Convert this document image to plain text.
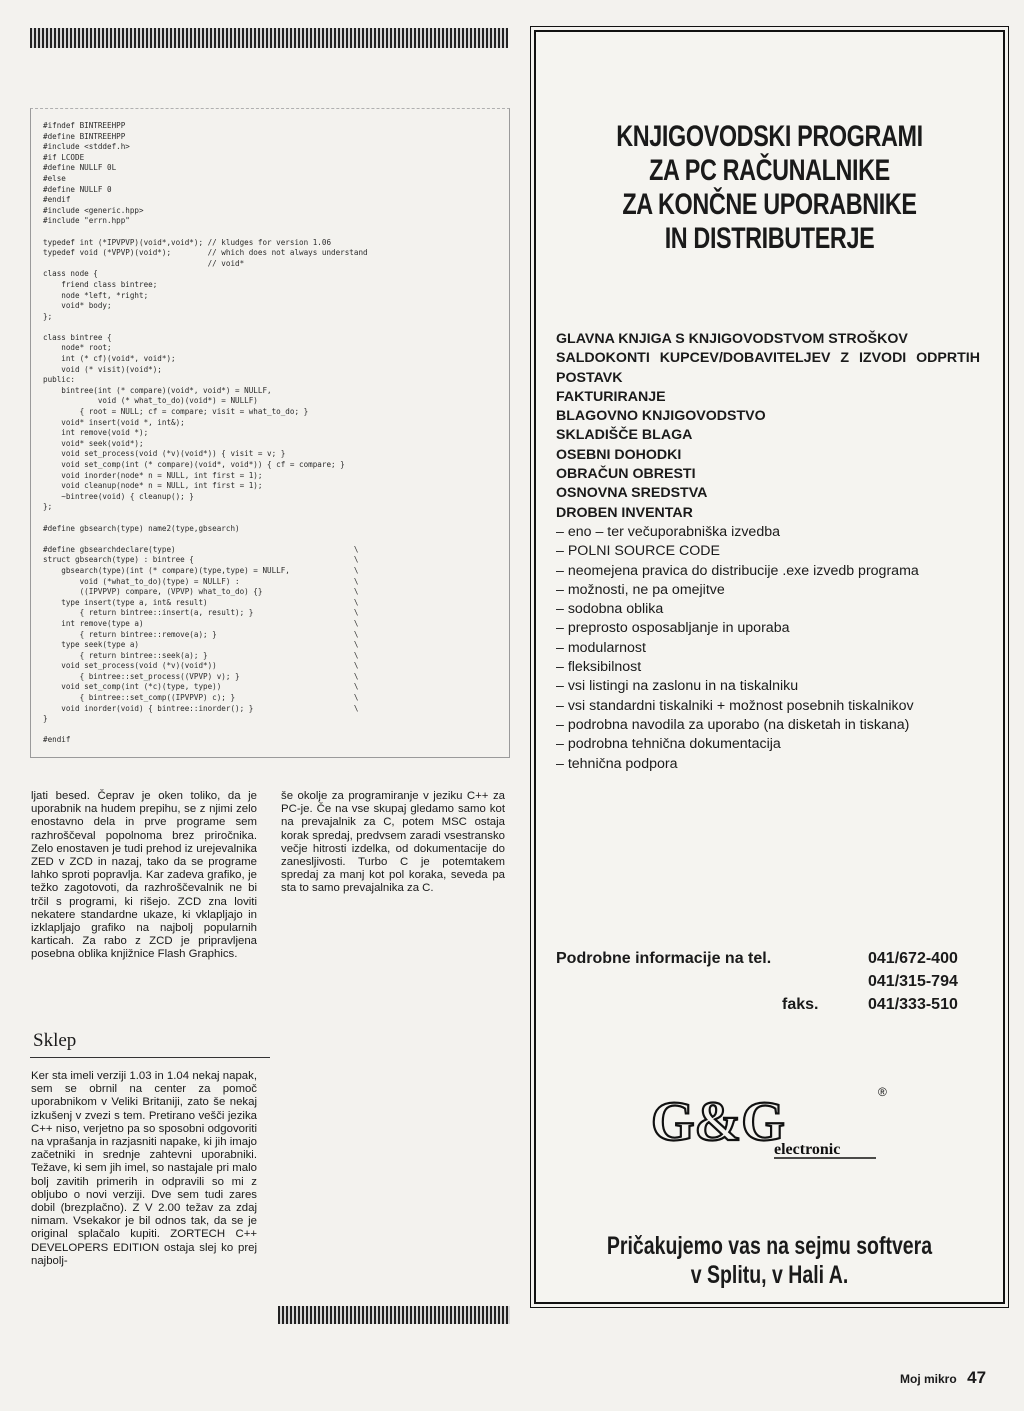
#ifndef BINTREEHPP
#define BINTREEHPP
#include <stddef.h>
#if LCODE
#define NULLF 0L
#else
#define NULLF 0
#endif
#include <generic.hpp>
#include "errn.hpp"

typedef int (*IPVPVP)(void*,void*); // kludges for version 1.06
typedef void (*VPVP)(void*);        // which does not always understand
// void*
class node {
friend class bintree;
node *left, *right;
void* body;
};

class bintree {
node* root;
int (* cf)(void*, void*);
void (* visit)(void*);
public:
bintree(int (* compare)(void*, void*) = NULLF,
void (* what_to_do)(void*) = NULLF)
{ root = NULL; cf = compare; visit = what_to_do; }
void* insert(void *, int&);
int remove(void *);
void* seek(void*);
void set_process(void (*v)(void*)) { visit = v; }
void set_comp(int (* compare)(void*, void*)) { cf = compare; }
void inorder(node* n = NULL, int first = 1);
void cleanup(node* n = NULL, int first = 1);
~bintree(void) { cleanup(); }
};

#define gbsearch(type) name2(type,gbsearch)

#define gbsearchdeclare(type)                                       \
struct gbsearch(type) : bintree {                                   \
gbsearch(type)(int (* compare)(type,type) = NULLF,              \
void (*what_to_do)(type) = NULLF) :                         \
((IPVPVP) compare, (VPVP) what_to_do) {}                    \
type insert(type a, int& result)                                \
{ return bintree::insert(a, result); }                      \
int remove(type a)                                              \
{ return bintree::remove(a); }                              \
type seek(type a)                                               \
{ return bintree::seek(a); }                                \
void set_process(void (*v)(void*))                              \
{ bintree::set_process((VPVP) v); }                         \
void set_comp(int (*c)(type, type))                             \
{ bintree::set_comp((IPVPVP) c); }                          \
void inorder(void) { bintree::inorder(); }                      \
}

#endif
ljati besed. Čeprav je oken toliko, da je uporabnik na hudem prepihu, se z njimi zelo enostavno dela in prve programe sem razhroščeval popolnoma brez priročnika. Zelo enostaven je tudi prehod iz urejevalnika ZED v ZCD in nazaj, tako da se programe lahko sproti popravlja. Kar zadeva grafiko, je težko zagotovoti, da razhroščevalnik ne bi trčil s programi, ki rišejo. ZCD zna loviti nekatere standardne ukaze, ki vklapljajo in izklapljajo grafiko na najbolj popularnih karticah. Za rabo z ZCD je pripravljena posebna oblika knjižnice Flash Graphics.
še okolje za programiranje v jeziku C++ za PC-je. Če na vse skupaj gledamo samo kot na prevajalnik za C, potem MSC ostaja korak spredaj, predvsem zaradi vsestransko večje hitrosti izdelka, od dokumentacije do zanesljivosti. Turbo C je potemtakem spredaj za manj kot pol koraka, seveda pa sta to samo prevajalnika za C.
Sklep
Ker sta imeli verziji 1.03 in 1.04 nekaj napak, sem se obrnil na center za pomoč uporabnikom v Veliki Britaniji, zato še nekaj izkušenj v zvezi s tem. Pretirano vešči jezika C++ niso, verjetno pa so sposobni odgovoriti na vprašanja in razjasniti napake, ki jih imajo začetniki in srednje zahtevni uporabniki. Težave, ki sem jih imel, so nastajale pri malo bolj zavitih primerih in odpravili so mi z obljubo o novi verziji. Dve sem tudi zares dobil (brezplačno). Z V 2.00 težav za zdaj nimam. Vsekakor je bil odnos tak, da se je original splačalo kupiti. ZORTECH C++ DEVELOPERS EDITION ostaja slej ko prej najbolj-
KNJIGOVODSKI PROGRAMI
ZA PC RAČUNALNIKE
ZA KONČNE UPORABNIKE
IN DISTRIBUTERJE
GLAVNA KNJIGA S KNJIGOVODSTVOM STROŠKOV
SALDOKONTI KUPCEV/DOBAVITELJEV Z IZVODI ODPRTIH POSTAVK
FAKTURIRANJE
BLAGOVNO KNJIGOVODSTVO
SKLADIŠČE BLAGA
OSEBNI DOHODKI
OBRAČUN OBRESTI
OSNOVNA SREDSTVA
DROBEN INVENTAR
– eno – ter večuporabniška izvedba
– POLNI SOURCE CODE
– neomejena pravica do distribucije .exe izvedb programa
– možnosti, ne pa omejitve
– sodobna oblika
– preprosto osposabljanje in uporaba
– modularnost
– fleksibilnost
– vsi listingi na zaslonu in na tiskalniku
– vsi standardni tiskalniki + možnost posebnih tiskalnikov
– podrobna navodila za uporabo (na disketah in tiskana)
– podrobna tehnična dokumentacija
– tehnična podpora
Podrobne informacije na tel.	041/672-400
041/315-794
faks.	041/333-510
G&G
electronic
®

Pričakujemo vas na sejmu softvera
v Splitu, v Hali A.

Moj mikro 47
